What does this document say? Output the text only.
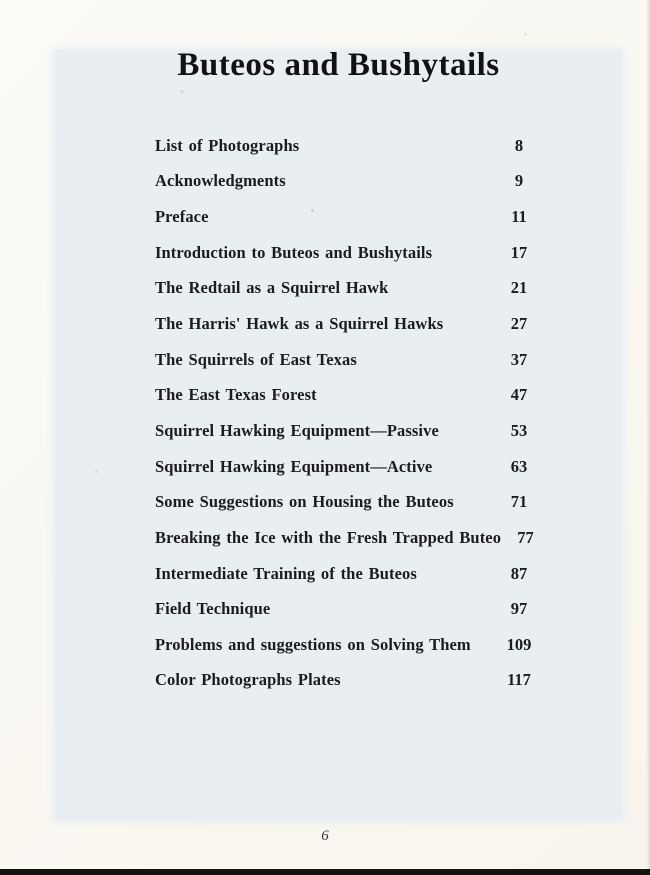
Buteos and Bushytails
List of Photographs	8
Acknowledgments	9
Preface	11
Introduction to Buteos and Bushytails	17
The Redtail as a Squirrel Hawk	21
The Harris' Hawk as a Squirrel Hawks	27
The Squirrels of East Texas	37
The East Texas Forest	47
Squirrel Hawking Equipment—Passive	53
Squirrel Hawking Equipment—Active	63
Some Suggestions on Housing the Buteos	71
Breaking the Ice with the Fresh Trapped Buteo 77
Intermediate Training of the Buteos	87
Field Technique	97
Problems and suggestions on Solving Them	109
Color Photographs Plates	117
6
